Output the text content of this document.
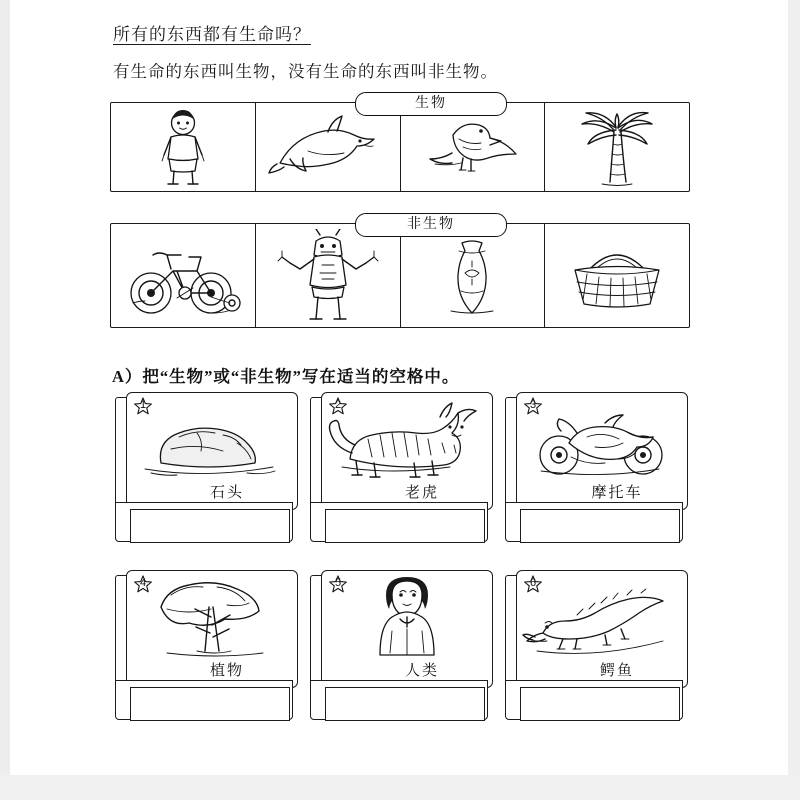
所有的东西都有生命吗？
有生命的东西叫生物，没有生命的东西叫非生物。
生物
非生物
A）把“生物”或“非生物”写在适当的空格中。
1
石头
2
老虎
3
摩托车
4
植物
5
人类
6
鳄鱼
